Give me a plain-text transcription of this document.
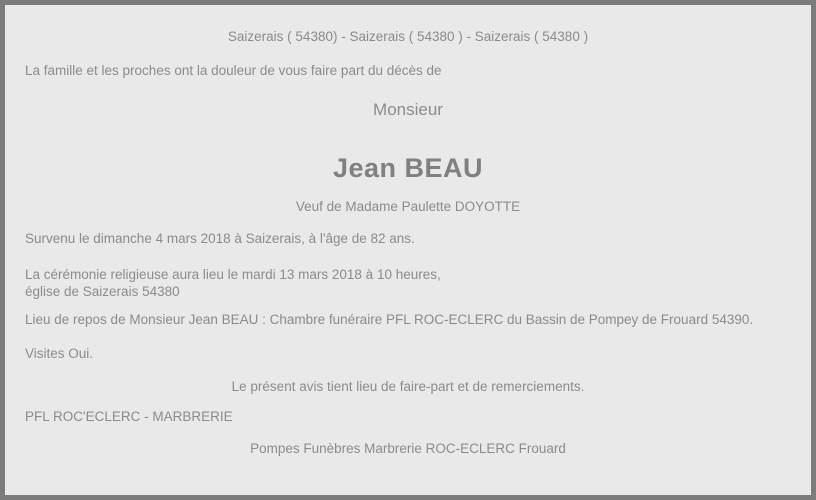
Saizerais ( 54380) - Saizerais ( 54380 ) - Saizerais ( 54380 )

La famille et les proches ont la douleur de vous faire part du décès de

Monsieur

Jean BEAU

Veuf de Madame Paulette DOYOTTE

Survenu le dimanche 4 mars 2018 à Saizerais, à l'âge de 82 ans.

La cérémonie religieuse aura lieu le mardi 13 mars 2018 à 10 heures,
église de Saizerais 54380

Lieu de repos de Monsieur Jean BEAU : Chambre funéraire PFL ROC-ECLERC du Bassin de Pompey de Frouard 54390.

Visites Oui.

Le présent avis tient lieu de faire-part et de remerciements.

PFL ROC'ECLERC - MARBRERIE

Pompes Funèbres Marbrerie ROC-ECLERC Frouard
